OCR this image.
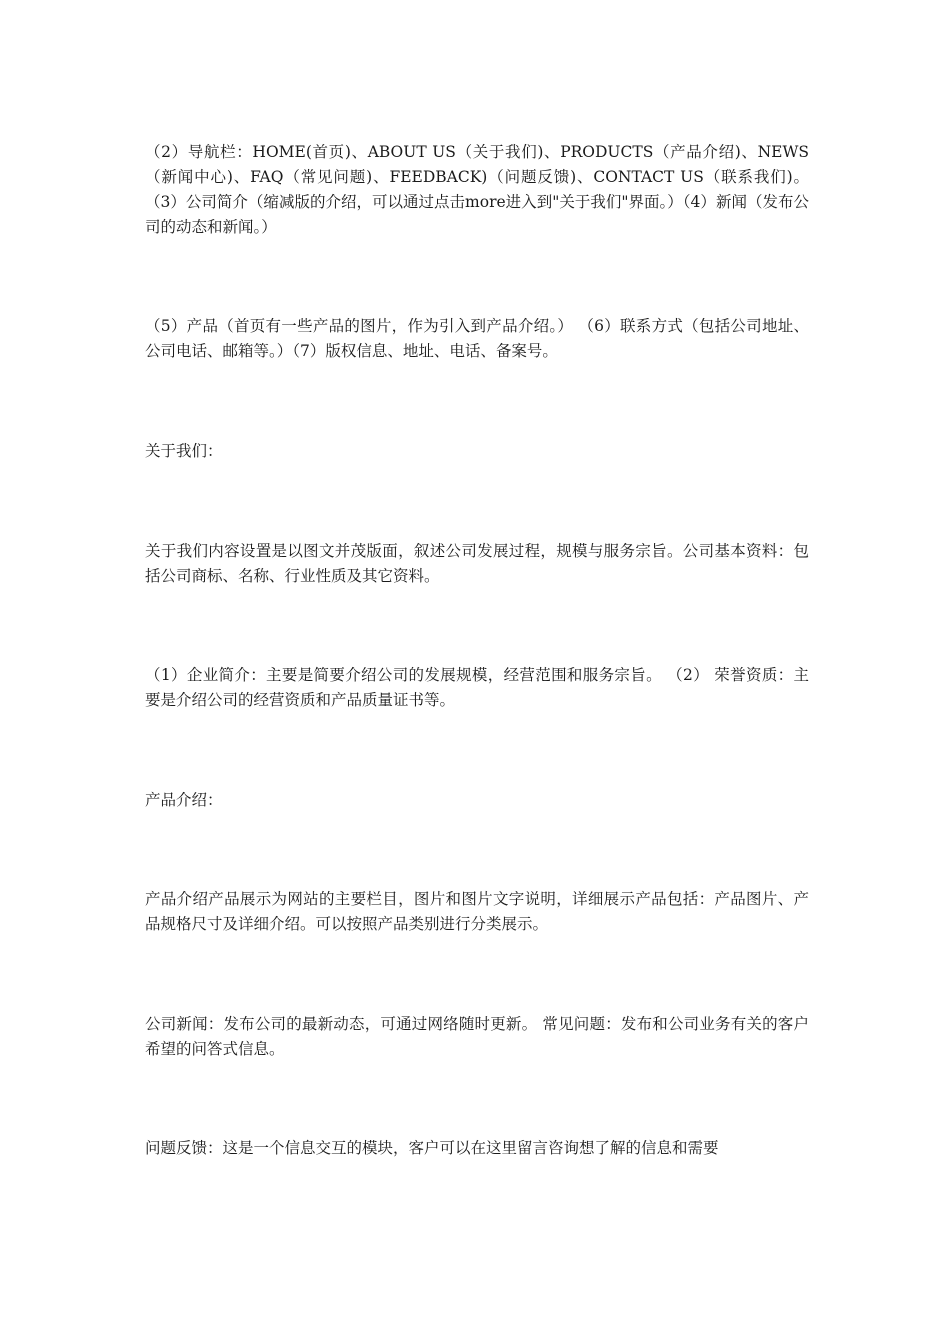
（2）导航栏：HOME(首页)、ABOUT US（关于我们)、PRODUCTS（产品介绍)、NEWS（新闻中心)、FAQ（常见问题)、FEEDBACK)（问题反馈)、CONTACT US（联系我们)。 （3）公司简介（缩减版的介绍，可以通过点击more进入到"关于我们"界面。）（4）新闻（发布公司的动态和新闻。）

（5）产品（首页有一些产品的图片，作为引入到产品介绍。） （6）联系方式（包括公司地址、公司电话、邮箱等。）（7）版权信息、地址、电话、备案号。

关于我们：

关于我们内容设置是以图文并茂版面，叙述公司发展过程，规模与服务宗旨。公司基本资料：包括公司商标、名称、行业性质及其它资料。

（1）企业简介：主要是简要介绍公司的发展规模，经营范围和服务宗旨。 （2） 荣誉资质：主要是介绍公司的经营资质和产品质量证书等。

产品介绍：

产品介绍产品展示为网站的主要栏目，图片和图片文字说明，详细展示产品包括：产品图片、产品规格尺寸及详细介绍。可以按照产品类别进行分类展示。

公司新闻：发布公司的最新动态，可通过网络随时更新。 常见问题：发布和公司业务有关的客户希望的问答式信息。

问题反馈：这是一个信息交互的模块，客户可以在这里留言咨询想了解的信息和需要
